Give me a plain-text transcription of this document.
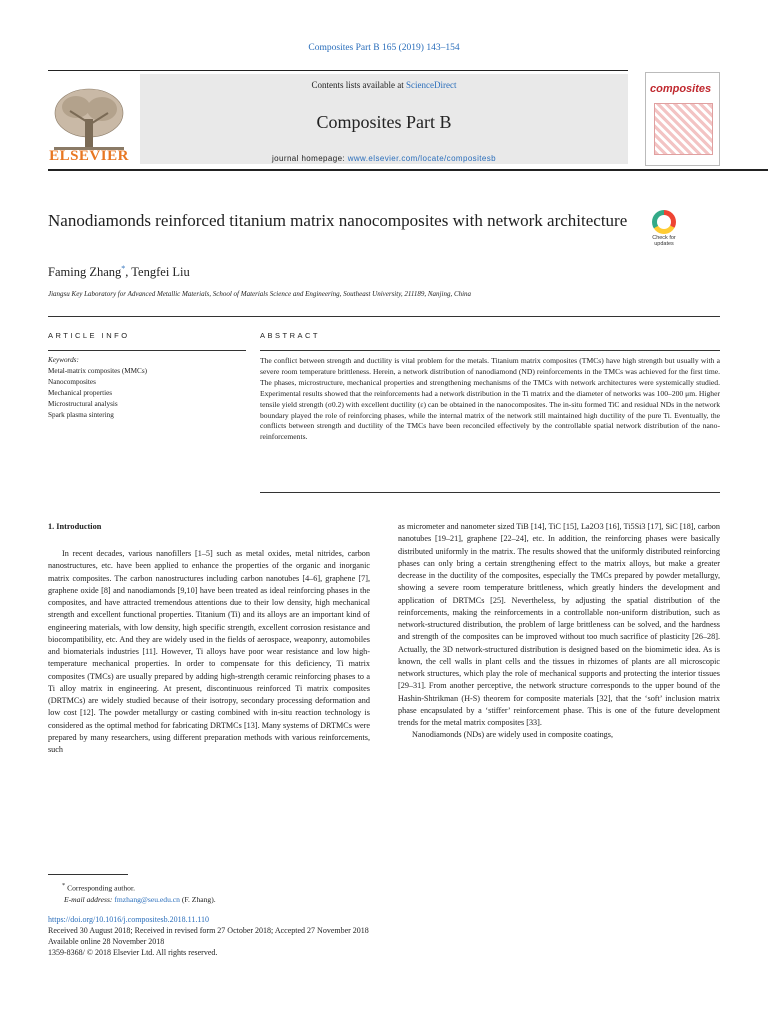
Composites Part B 165 (2019) 143–154
ELSEVIER
Contents lists available at ScienceDirect
Composites Part B
journal homepage: www.elsevier.com/locate/compositesb
composites
Nanodiamonds reinforced titanium matrix nanocomposites with network architecture
Check for updates
Faming Zhang*, Tengfei Liu
Jiangsu Key Laboratory for Advanced Metallic Materials, School of Materials Science and Engineering, Southeast University, 211189, Nanjing, China
ARTICLE INFO	ABSTRACT
Keywords:
Metal-matrix composites (MMCs)
Nanocomposites
Mechanical properties
Microstructural analysis
Spark plasma sintering
The conflict between strength and ductility is vital problem for the metals. Titanium matrix composites (TMCs) have high strength but usually with a severe room temperature brittleness. Herein, a network distribution of nanodiamond (ND) reinforcements in the TMCs was achieved for the first time. The phases, microstructure, mechanical properties and strengthening mechanisms of the TMCs with network architectures were systemically studied. Experimental results showed that the reinforcements had a network distribution in the Ti matrix and the diameter of networks was 100–200 μm. Higher tensile yield strength (σ0.2) with excellent ductility (ε) can be obtained in the nanocomposites. The in-situ formed TiC and residual NDs in the network boundary played the role of reinforcing phases, while the internal matrix of the network still maintained high ductility of the pure Ti. Eventually, the conflicts between strength and ductility of the TMCs have been reconciled effectively by the controllable spatial network distribution of the nano-reinforcements.
1. Introduction

In recent decades, various nanofillers [1–5] such as metal oxides, metal nitrides, carbon nanostructures, etc. have been applied to enhance the properties of the organic and inorganic matrix composites. The carbon nanostructures including carbon nanotubes [4–6], graphene [7], graphene oxide [8] and nanodiamonds [9,10] have been treated as ideal reinforcing phases in the composites, and have attracted tremendous attentions due to their low density, high mechanical strength and excellent functional properties. Titanium (Ti) and its alloys are an important kind of engineering materials, with low density, high specific strength, excellent corrosion resistance and biocompatibility, etc. And they are widely used in the fields of aerospace, weaponry, automobiles and biomaterials industries [11]. However, Ti alloys have poor wear resistance and low high-temperature mechanical properties. In order to compensate for this deficiency, Ti matrix composites (TMCs) are usually prepared by adding high-strength ceramic reinforcing phases to a Ti alloy matrix in engineering. At present, discontinuous reinforced Ti matrix composites (DRTMCs) are widely studied because of their isotropy, secondary processing deformation and low cost [12]. The powder metallurgy or casting combined with in-situ reaction technology is considered as the optimal method for fabricating DRTMCs [13]. Many systems of DRTMCs were prepared by many researchers, using different preparation methods with various reinforcements, such

as micrometer and nanometer sized TiB [14], TiC [15], La2O3 [16], Ti5Si3 [17], SiC [18], carbon nanotubes [19–21], graphene [22–24], etc. In addition, the reinforcing phases were basically distributed uniformly in the matrix. The results showed that the uniformly distributed reinforcing phases can only bring a certain strengthening effect to the matrix alloys, but make a greater decrease in the ductility of the composites, especially the TMCs prepared by powder metallurgy, showing a severe room temperature brittleness, which greatly hinders the development and application of DRTMCs [25]. Nevertheless, by adjusting the spatial distribution of the reinforcements, making the reinforcements in a controllable non-uniform distribution, such as network-structured distribution, the problem of large brittleness can be solved, and the hardness and strength of the composites can be improved without too much sacrifice of plasticity [26–28]. Actually, the 3D network-structured distribution is designed based on the biomimetic idea. As is known, the cell walls in plant cells and the tissues in rhizomes of plants are all microscopic network structures, which play the role of mechanical supports and protecting the interior tissues [29–31]. From another perceptive, the network structure corresponds to the upper bound of the Hashin-Shtrikman (H-S) theorem for composite materials [32], that the ‘soft’ inclusion matrix phase encapsulated by a ‘stiffer’ reinforcement phase. This is one of the future development trends for the metal matrix composites [33].

Nanodiamonds (NDs) are widely used in composite coatings,

* Corresponding author.
E-mail address: fmzhang@seu.edu.cn (F. Zhang).
https://doi.org/10.1016/j.compositesb.2018.11.110
Received 30 August 2018; Received in revised form 27 October 2018; Accepted 27 November 2018
Available online 28 November 2018
1359-8368/ © 2018 Elsevier Ltd. All rights reserved.
